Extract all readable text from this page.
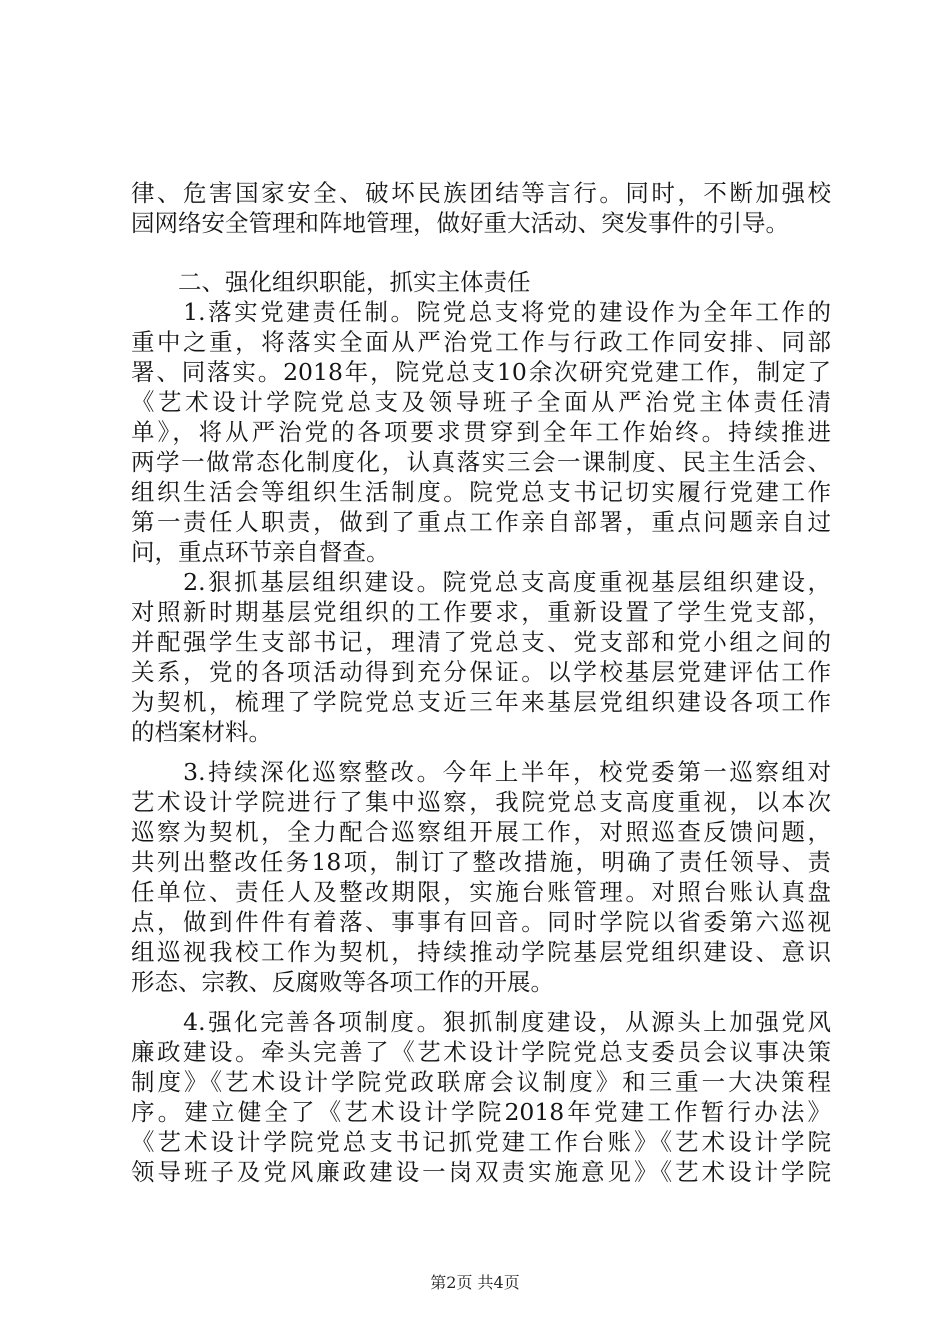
律、危害国家安全、破坏民族团结等言行。同时，不断加强校
园网络安全管理和阵地管理，做好重大活动、突发事件的引导。
　　二、强化组织职能，抓实主体责任
　　1.落实党建责任制。院党总支将党的建设作为全年工作的
重中之重，将落实全面从严治党工作与行政工作同安排、同部
署、同落实。2018年，院党总支10余次研究党建工作，制定了
《艺术设计学院党总支及领导班子全面从严治党主体责任清
单》，将从严治党的各项要求贯穿到全年工作始终。持续推进
两学一做常态化制度化，认真落实三会一课制度、民主生活会、
组织生活会等组织生活制度。院党总支书记切实履行党建工作
第一责任人职责，做到了重点工作亲自部署，重点问题亲自过
问，重点环节亲自督查。
　　2.狠抓基层组织建设。院党总支高度重视基层组织建设，
对照新时期基层党组织的工作要求，重新设置了学生党支部，
并配强学生支部书记，理清了党总支、党支部和党小组之间的
关系，党的各项活动得到充分保证。以学校基层党建评估工作
为契机，梳理了学院党总支近三年来基层党组织建设各项工作
的档案材料。
　　3.持续深化巡察整改。今年上半年，校党委第一巡察组对
艺术设计学院进行了集中巡察，我院党总支高度重视，以本次
巡察为契机，全力配合巡察组开展工作，对照巡查反馈问题，
共列出整改任务18项，制订了整改措施，明确了责任领导、责
任单位、责任人及整改期限，实施台账管理。对照台账认真盘
点，做到件件有着落、事事有回音。同时学院以省委第六巡视
组巡视我校工作为契机，持续推动学院基层党组织建设、意识
形态、宗教、反腐败等各项工作的开展。
　　4.强化完善各项制度。狠抓制度建设，从源头上加强党风
廉政建设。牵头完善了《艺术设计学院党总支委员会议事决策
制度》《艺术设计学院党政联席会议制度》和三重一大决策程
序。建立健全了《艺术设计学院2018年党建工作暂行办法》
《艺术设计学院党总支书记抓党建工作台账》《艺术设计学院
领导班子及党风廉政建设一岗双责实施意见》《艺术设计学院
第2页 共4页
